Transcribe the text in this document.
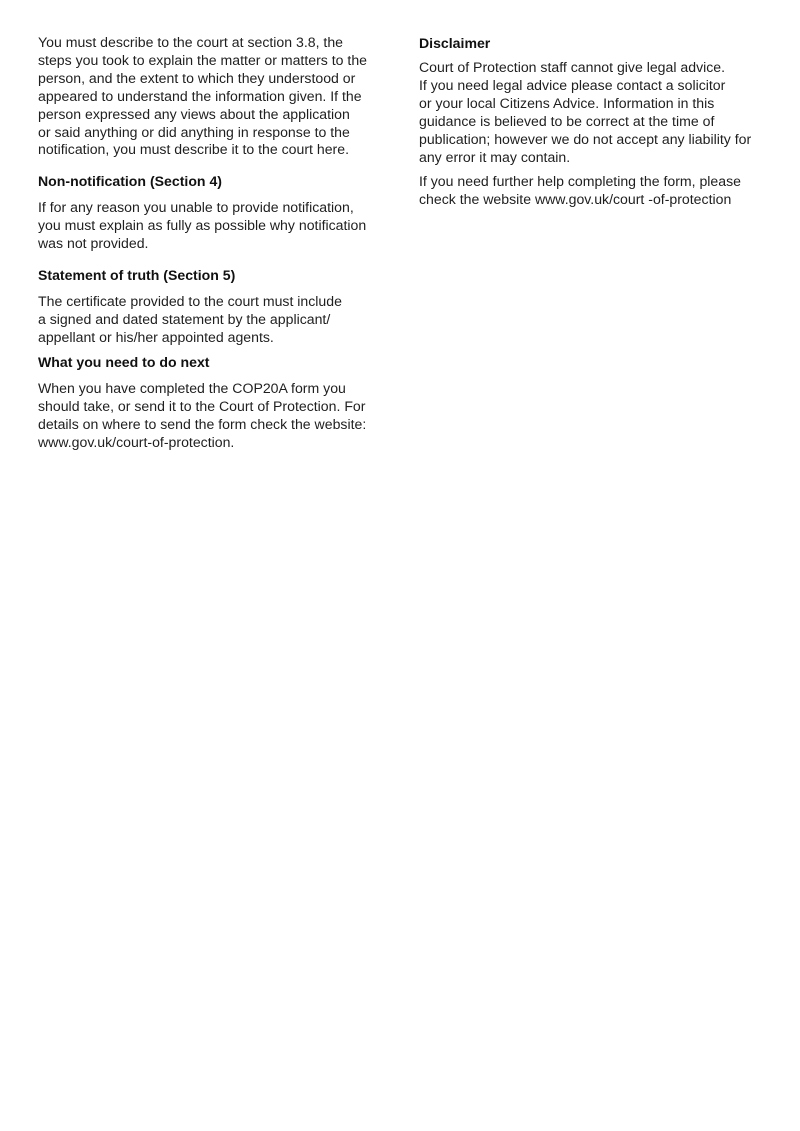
You must describe to the court at section 3.8, the
steps you took to explain the matter or matters to the
person, and the extent to which they understood or
appeared to understand the information given. If the
person expressed any views about the application
or said anything or did anything in response to the
notification, you must describe it to the court here.
Non-notification (Section 4)
If for any reason you unable to provide notification,
you must explain as fully as possible why notification
was not provided.
Statement of truth (Section 5)
The certificate provided to the court must include
a signed and dated statement by the applicant/
appellant or his/her appointed agents.
What you need to do next
When you have completed the COP20A form you
should take, or send it to the Court of Protection. For
details on where to send the form check the website:
www.gov.uk/court-of-protection.
Disclaimer
Court of Protection staff cannot give legal advice.
If you need legal advice please contact a solicitor
or your local Citizens Advice. Information in this
guidance is believed to be correct at the time of
publication; however we do not accept any liability for
any error it may contain.
If you need further help completing the form, please
check the website www.gov.uk/court -of-protection
